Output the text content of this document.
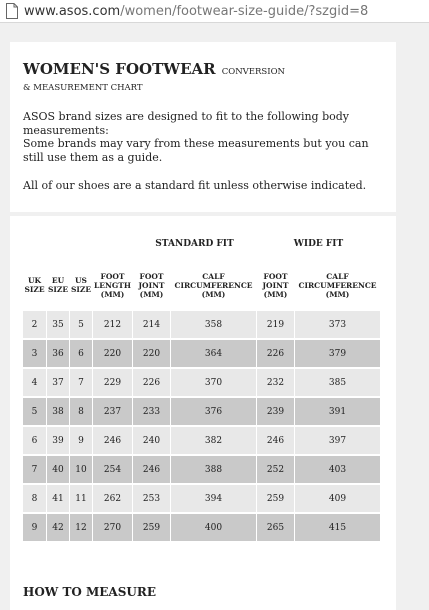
www.asos.com/women/footwear-size-guide/?szgid=8
WOMEN'S FOOTWEAR CONVERSION
& MEASUREMENT CHART

ASOS brand sizes are designed to fit to the following body measurements:
Some brands may vary from these measurements but you can still use them as a guide.

All of our shoes are a standard fit unless otherwise indicated.

				STANDARD FIT		WIDE FIT	
UK SIZE	EU SIZE	US SIZE	FOOT LENGTH (MM)	FOOT JOINT (MM)	CALF CIRCUMFERENCE (MM)	FOOT JOINT (MM)	CALF CIRCUMFERENCE (MM)
2	35	5	212	214	358	219	373
3	36	6	220	220	364	226	379
4	37	7	229	226	370	232	385
5	38	8	237	233	376	239	391
6	39	9	246	240	382	246	397
7	40	10	254	246	388	252	403
8	41	11	262	253	394	259	409
9	42	12	270	259	400	265	415
HOW TO MEASURE
